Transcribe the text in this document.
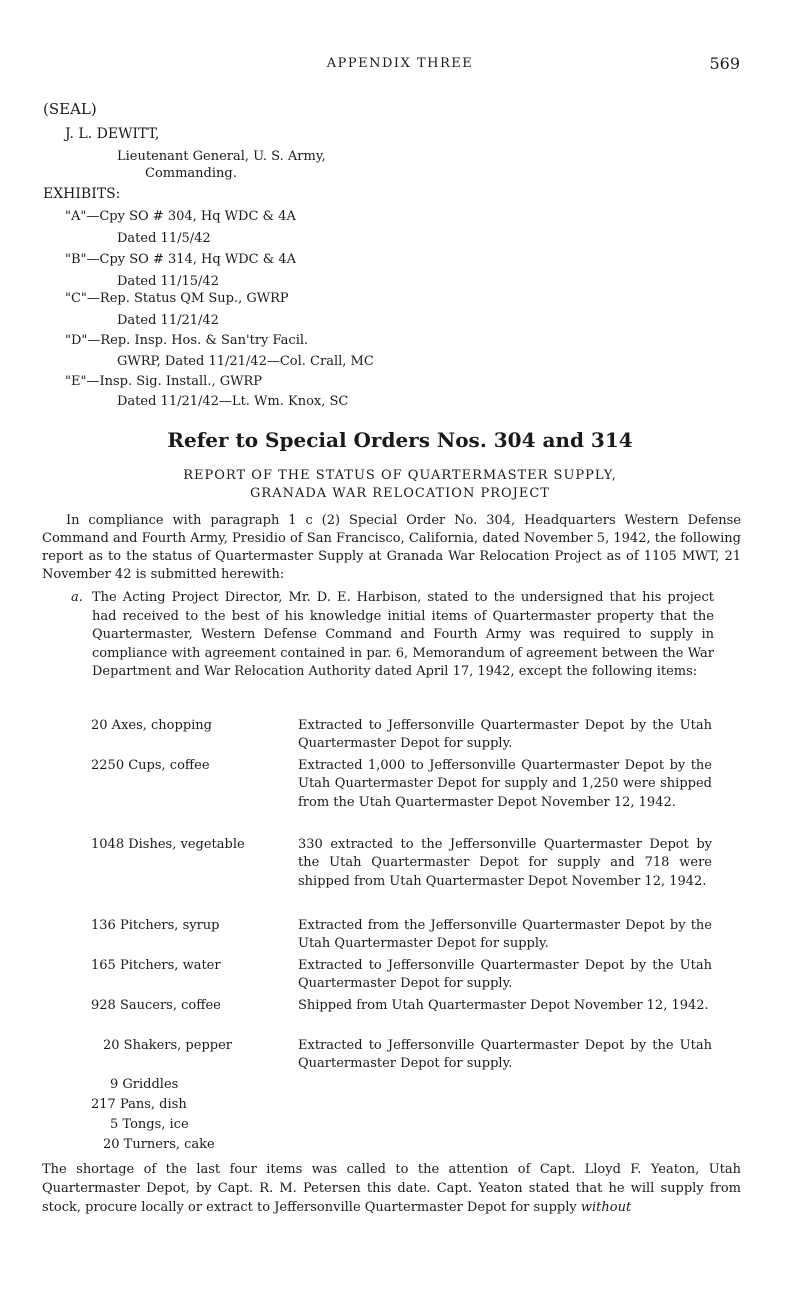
APPENDIX THREE	569
(SEAL)
J. L. DEWITT,
Lieutenant General, U. S. Army,
Commanding.
EXHIBITS:
"A"—Cpy SO # 304, Hq WDC & 4A
Dated 11/5/42
"B"—Cpy SO # 314, Hq WDC & 4A
Dated 11/15/42
"C"—Rep. Status QM Sup., GWRP
Dated 11/21/42
"D"—Rep. Insp. Hos. & San'try Facil.
GWRP, Dated 11/21/42—Col. Crall, MC
"E"—Insp. Sig. Install., GWRP
Dated 11/21/42—Lt. Wm. Knox, SC
Refer to Special Orders Nos. 304 and 314
REPORT OF THE STATUS OF QUARTERMASTER SUPPLY,
GRANADA WAR RELOCATION PROJECT
In compliance with paragraph 1 c (2) Special Order No. 304, Headquarters Western Defense Command and Fourth Army, Presidio of San Francisco, California, dated November 5, 1942, the following report as to the status of Quartermaster Supply at Granada War Relocation Project as of 1105 MWT, 21 November 42 is submitted herewith:
a. The Acting Project Director, Mr. D. E. Harbison, stated to the undersigned that his project had received to the best of his knowledge initial items of Quartermaster property that the Quartermaster, Western Defense Command and Fourth Army was required to supply in compliance with agreement contained in par. 6, Memorandum of agreement between the War Department and War Relocation Authority dated April 17, 1942, except the following items:
20 Axes, chopping	Extracted to Jeffersonville Quartermaster Depot by the Utah Quartermaster Depot for supply.
2250 Cups, coffee	Extracted 1,000 to Jeffersonville Quartermaster Depot by the Utah Quartermaster Depot for supply and 1,250 were shipped from the Utah Quartermaster Depot November 12, 1942.
1048 Dishes, vegetable	330 extracted to the Jeffersonville Quartermaster Depot by the Utah Quartermaster Depot for supply and 718 were shipped from Utah Quartermaster Depot November 12, 1942.
136 Pitchers, syrup	Extracted from the Jeffersonville Quartermaster Depot by the Utah Quartermaster Depot for supply.
165 Pitchers, water	Extracted to Jeffersonville Quartermaster Depot by the Utah Quartermaster Depot for supply.
928 Saucers, coffee	Shipped from Utah Quartermaster Depot November 12, 1942.
20 Shakers, pepper	Extracted to Jeffersonville Quartermaster Depot by the Utah Quartermaster Depot for supply.
9 Griddles
217 Pans, dish
5 Tongs, ice
20 Turners, cake
The shortage of the last four items was called to the attention of Capt. Lloyd F. Yeaton, Utah Quartermaster Depot, by Capt. R. M. Petersen this date. Capt. Yeaton stated that he will supply from stock, procure locally or extract to Jeffersonville Quartermaster Depot for supply without
